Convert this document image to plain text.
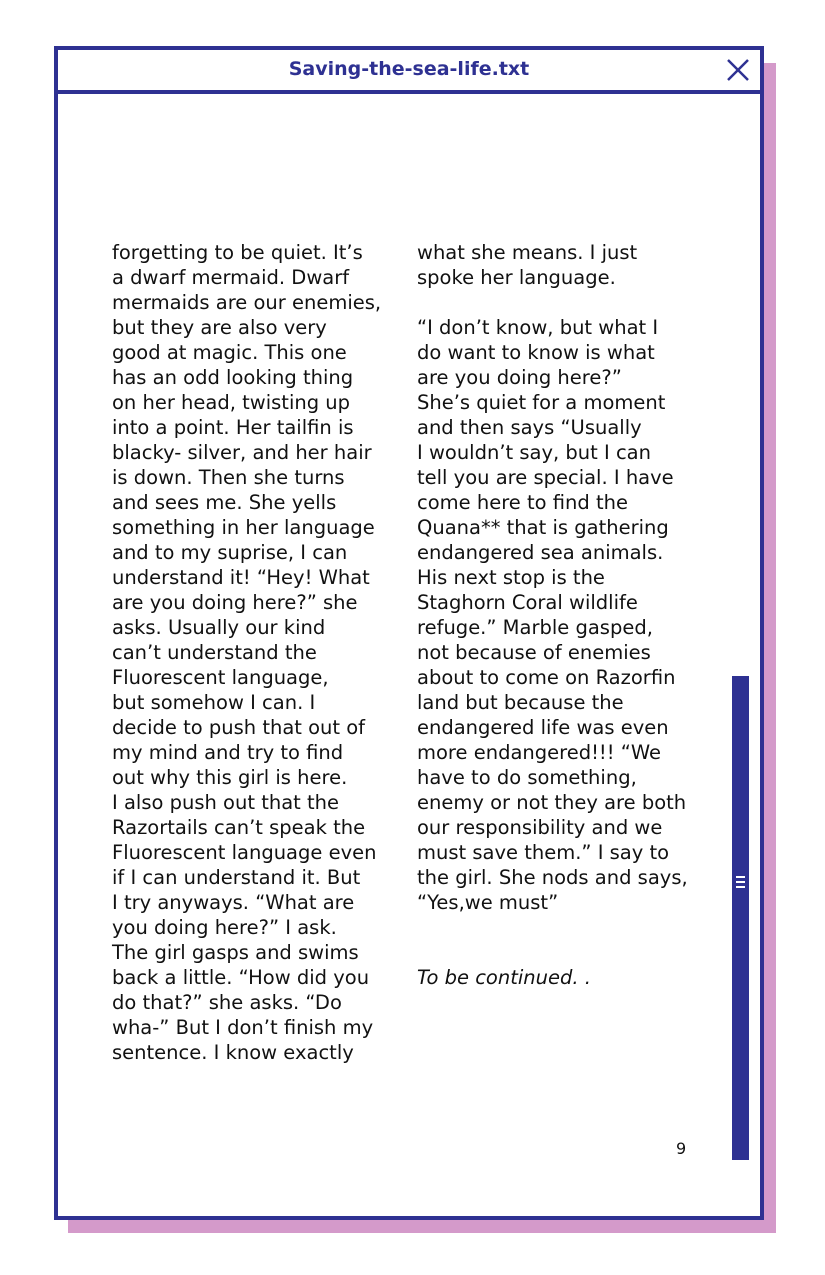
Saving-the-sea-life.txt
forgetting to be quiet. It’s
a dwarf mermaid. Dwarf
mermaids are our enemies,
but they are also very
good at magic. This one
has an odd looking thing
on her head, twisting up
into a point. Her tailfin is
blacky- silver, and her hair
is down. Then she turns
and sees me. She yells
something in her language
and to my suprise, I can
understand it! “Hey! What
are you doing here?” she
asks. Usually our kind
can’t understand the
Fluorescent language,
but somehow I can. I
decide to push that out of
my mind and try to find
out why this girl is here.
I also push out that the
Razortails can’t speak the
Fluorescent language even
if I can understand it. But
I try anyways. “What are
you doing here?” I ask.
The girl gasps and swims
back a little. “How did you
do that?” she asks. “Do
wha-” But I don’t finish my
sentence. I know exactly
what she means. I just
spoke her language.
“I don’t know, but what I
do want to know is what
are you doing here?”
She’s quiet for a moment
and then says “Usually
I wouldn’t say, but I can
tell you are special. I have
come here to find the
Quana** that is gathering
endangered sea animals.
His next stop is the
Staghorn Coral wildlife
refuge.” Marble gasped,
not because of enemies
about to come on Razorfin
land but because the
endangered life was even
more endangered!!! “We
have to do something,
enemy or not they are both
our responsibility and we
must save them.” I say to
the girl. She nods and says,
“Yes,we must”
To be continued. .
9
